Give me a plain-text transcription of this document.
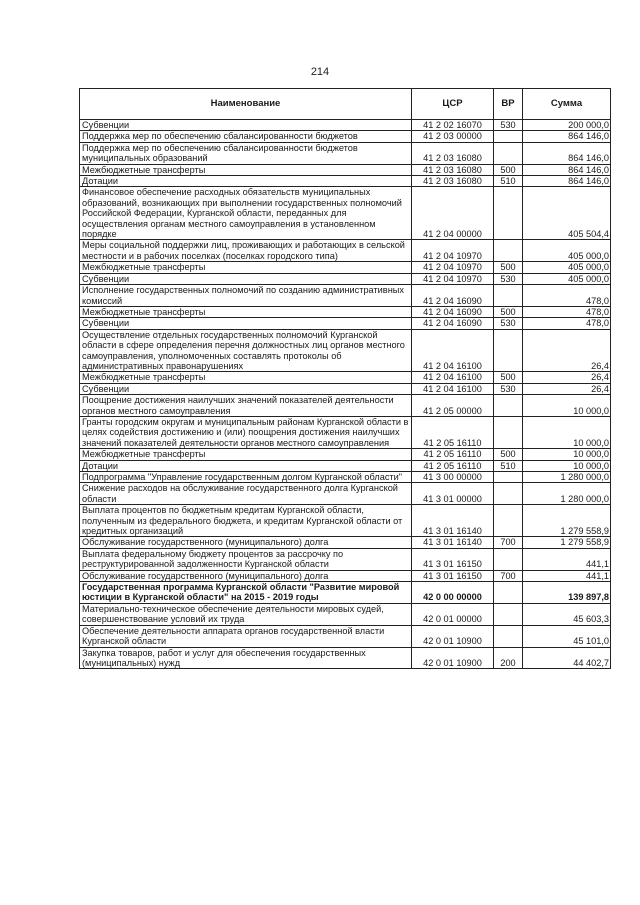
214
Наименование	ЦСР	ВР	Сумма
Субвенции	41 2 02 16070	530	200 000,0
Поддержка мер по обеспечению сбалансированности бюджетов	41 2 03 00000		864 146,0
Поддержка мер по обеспечению сбалансированности бюджетов муниципальных образований	41 2 03 16080		864 146,0
Межбюджетные трансферты	41 2 03 16080	500	864 146,0
Дотации	41 2 03 16080	510	864 146,0
Финансовое обеспечение расходных обязательств муниципальных образований, возникающих при выполнении государственных полномочий Российской Федерации, Курганской области, переданных для осуществления органам местного самоуправления в установленном порядке	41 2 04 00000		405 504,4
Меры социальной поддержки лиц, проживающих и работающих в сельской местности и в рабочих поселках (поселках городского типа)	41 2 04 10970		405 000,0
Межбюджетные трансферты	41 2 04 10970	500	405 000,0
Субвенции	41 2 04 10970	530	405 000,0
Исполнение государственных полномочий по созданию административных комиссий	41 2 04 16090		478,0
Межбюджетные трансферты	41 2 04 16090	500	478,0
Субвенции	41 2 04 16090	530	478,0
Осуществление отдельных государственных полномочий Курганской области в сфере определения перечня должностных лиц органов местного самоуправления, уполномоченных составлять протоколы об административных правонарушениях	41 2 04 16100		26,4
Межбюджетные трансферты	41 2 04 16100	500	26,4
Субвенции	41 2 04 16100	530	26,4
Поощрение достижения наилучших значений показателей деятельности органов местного самоуправления	41 2 05 00000		10 000,0
Гранты городским округам и муниципальным районам Курганской области в целях содействия достижению и (или) поощрения достижения наилучших значений показателей деятельности органов местного самоуправления	41 2 05 16110		10 000,0
Межбюджетные трансферты	41 2 05 16110	500	10 000,0
Дотации	41 2 05 16110	510	10 000,0
Подпрограмма "Управление государственным долгом Курганской области"	41 3 00 00000		1 280 000,0
Снижение расходов на обслуживание государственного долга Курганской области	41 3 01 00000		1 280 000,0
Выплата процентов по бюджетным кредитам Курганской области, полученным из федерального бюджета, и кредитам Курганской области от кредитных организаций	41 3 01 16140		1 279 558,9
Обслуживание государственного (муниципального) долга	41 3 01 16140	700	1 279 558,9
Выплата федеральному бюджету процентов за рассрочку по реструктурированной задолженности Курганской области	41 3 01 16150		441,1
Обслуживание государственного (муниципального) долга	41 3 01 16150	700	441,1
Государственная программа Курганской области "Развитие мировой юстиции в Курганской области" на 2015 - 2019 годы	42 0 00 00000		139 897,8
Материально-техническое обеспечение деятельности мировых судей, совершенствование условий их труда	42 0 01 00000		45 603,3
Обеспечение деятельности аппарата органов государственной власти Курганской области	42 0 01 10900		45 101,0
Закупка товаров, работ и услуг для обеспечения государственных (муниципальных) нужд	42 0 01 10900	200	44 402,7
